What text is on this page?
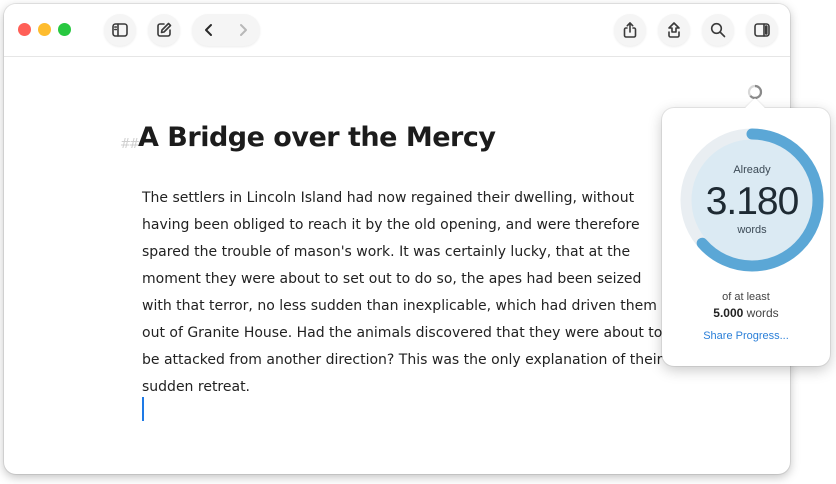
## A Bridge over the Mercy

The settlers in Lincoln Island had now regained their dwelling, without having been obliged to reach it by the old opening, and were therefore spared the trouble of mason's work. It was certainly lucky, that at the moment they were about to set out to do so, the apes had been seized with that terror, no less sudden than inexplicable, which had driven them out of Granite House. Had the animals discovered that they were about to be attacked from another direction? This was the only explanation of their sudden retreat.

Already
3.180
words
of at least
5.000 words
Share Progress...
